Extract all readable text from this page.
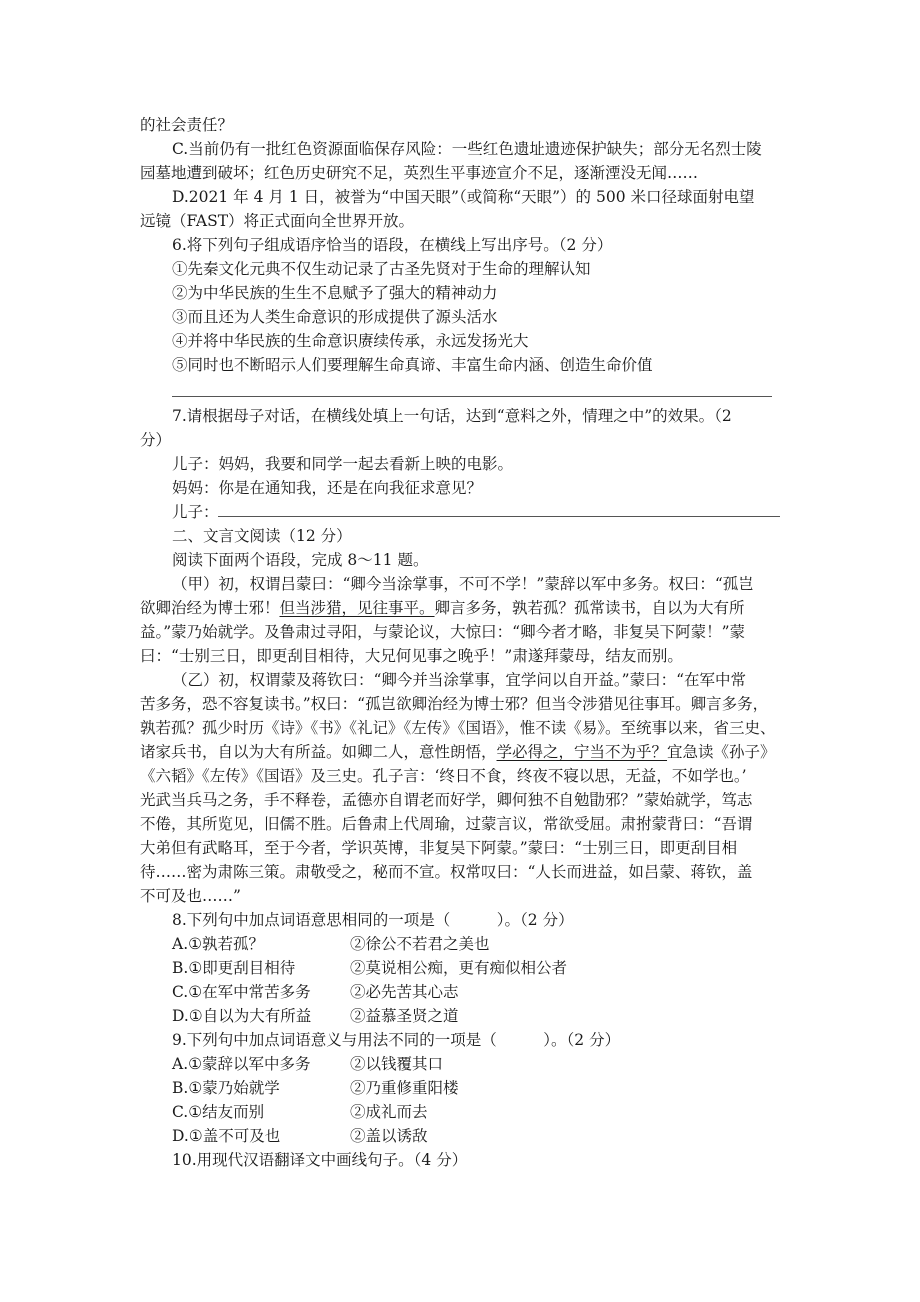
的社会责任？
C.当前仍有一批红色资源面临保存风险：一些红色遗址遗迹保护缺失；部分无名烈士陵
园墓地遭到破坏；红色历史研究不足，英烈生平事迹宣介不足，逐渐湮没无闻……
D.2021 年 4 月 1 日，被誉为“中国天眼”（或简称“天眼”）的 500 米口径球面射电望
远镜（FAST）将正式面向全世界开放。
6.将下列句子组成语序恰当的语段，在横线上写出序号。（2 分）
①先秦文化元典不仅生动记录了古圣先贤对于生命的理解认知
②为中华民族的生生不息赋予了强大的精神动力
③而且还为人类生命意识的形成提供了源头活水
④并将中华民族的生命意识赓续传承，永远发扬光大
⑤同时也不断昭示人们要理解生命真谛、丰富生命内涵、创造生命价值
7.请根据母子对话，在横线处填上一句话，达到“意料之外，情理之中”的效果。（2
分）
儿子：妈妈，我要和同学一起去看新上映的电影。
妈妈：你是在通知我，还是在向我征求意见？
儿子：
二、文言文阅读（12 分）
阅读下面两个语段，完成 8～11 题。
（甲）初，权谓吕蒙曰：“卿今当涂掌事，不可不学！”蒙辞以军中多务。权曰：“孤岂
欲卿治经为博士邪！但当涉猎，见往事平。卿言多务，孰若孤？孤常读书，自以为大有所
益。”蒙乃始就学。及鲁肃过寻阳，与蒙论议，大惊曰：“卿今者才略，非复吴下阿蒙！”蒙
曰：“士别三日，即更刮目相待，大兄何见事之晚乎！”肃遂拜蒙母，结友而别。
（乙）初，权谓蒙及蒋钦曰：“卿今并当涂掌事，宜学问以自开益。”蒙曰：“在军中常
苦多务，恐不容复读书。”权曰：“孤岂欲卿治经为博士邪？但当令涉猎见往事耳。卿言多务，
孰若孤？孤少时历《诗》《书》《礼记》《左传》《国语》，惟不读《易》。至统事以来，省三史、
诸家兵书，自以为大有所益。如卿二人，意性朗悟，学必得之，宁当不为乎？宜急读《孙子》
《六韬》《左传》《国语》及三史。孔子言：‘终日不食，终夜不寝以思，无益，不如学也。’
光武当兵马之务，手不释卷，孟德亦自谓老而好学，卿何独不自勉勖邪？”蒙始就学，笃志
不倦，其所览见，旧儒不胜。后鲁肃上代周瑜，过蒙言议，常欲受屈。肃拊蒙背曰：“吾谓
大弟但有武略耳，至于今者，学识英博，非复吴下阿蒙。”蒙曰：“士别三日，即更刮目相
待……密为肃陈三策。肃敬受之，秘而不宣。权常叹曰：“人长而进益，如吕蒙、蒋钦，盖
不可及也……”
8.下列句中加点词语意思相同的一项是（　　　）。（2 分）
A.①孰若孤？	②徐公不若君之美也
B.①即更刮目相待	②莫说相公痴，更有痴似相公者
C.①在军中常苦多务	②必先苦其心志
D.①自以为大有所益	②益慕圣贤之道
9.下列句中加点词语意义与用法不同的一项是（　　　）。（2 分）
A.①蒙辞以军中多务	②以钱覆其口
B.①蒙乃始就学	②乃重修重阳楼
C.①结友而别	②成礼而去
D.①盖不可及也	②盖以诱敌
10.用现代汉语翻译文中画线句子。（4 分）
